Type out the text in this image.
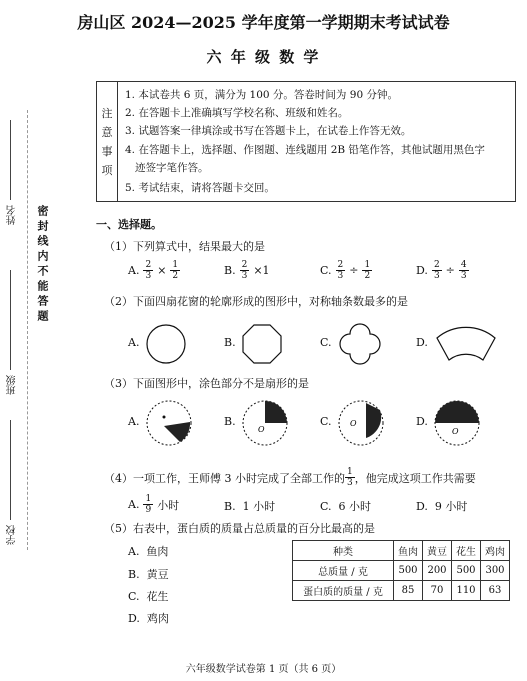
密封线内不能答题
姓名
班级
学校
房山区 2024—2025 学年度第一学期期末考试试卷
六 年 级 数 学
注
意
事
项
1. 本试卷共 6 页，满分为 100 分。答卷时间为 90 分钟。
2. 在答题卡上准确填写学校名称、班级和姓名。
3. 试题答案一律填涂或书写在答题卡上，在试卷上作答无效。
4. 在答题卡上，选择题、作图题、连线题用 2B 铅笔作答，其他试题用黑色字
迹签字笔作答。
5. 考试结束，请将答题卡交回。
一、选择题。
（1）下列算式中，结果最大的是
A. $\frac{2}{3} \times \frac{1}{2}$	B. $\frac{2}{3} \times 1$	C. $\frac{2}{3} \div \frac{1}{2}$	D. $\frac{2}{3} \div \frac{4}{3}$
（2）下面四扇花窗的轮廓形成的图形中，对称轴条数最多的是
A.	B.	C.	D.
（3）下面图形中，涂色部分不是扇形的是
A.	B.
O
C. O	D.
O
（4）一项工作，王师傅 3 小时完成了全部工作的 $\frac{1}{3}$ ，他完成这项工作共需要
A. $\frac{1}{9}$ 小时	B.  1 小时	C.  6 小时	D.  9 小时
（5）右表中，蛋白质的质量占总质量的百分比最高的是
A.  鱼肉
B.  黄豆
C.  花生
D.  鸡肉
种类	鱼肉	黄豆	花生	鸡肉
总质量 / 克	500	200	500	300
蛋白质的质量 / 克	85	70	110	63
六年级数学试卷第 1 页（共 6 页）
